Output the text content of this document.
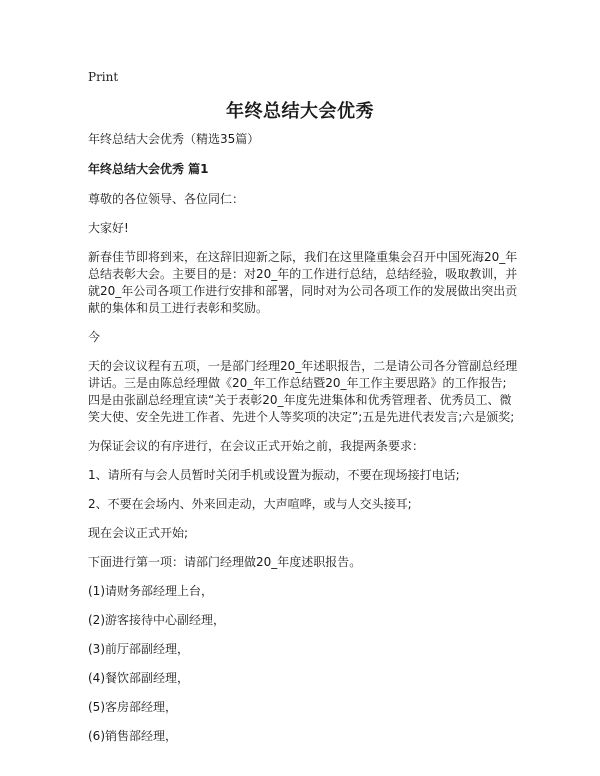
Print
年终总结大会优秀

年终总结大会优秀（精选35篇）

年终总结大会优秀 篇1

尊敬的各位领导、各位同仁：

大家好!

新春佳节即将到来，在这辞旧迎新之际，我们在这里隆重集会召开中国死海20_年总结表彰大会。主要目的是：对20_年的工作进行总结，总结经验，吸取教训，并就20_年公司各项工作进行安排和部署，同时对为公司各项工作的发展做出突出贡献的集体和员工进行表彰和奖励。

今

天的会议议程有五项，一是部门经理20_年述职报告，二是请公司各分管副总经理讲话。三是由陈总经理做《20_年工作总结暨20_年工作主要思路》的工作报告;四是由张副总经理宣读“关于表彰20_年度先进集体和优秀管理者、优秀员工、微笑大使、安全先进工作者、先进个人等奖项的决定”;五是先进代表发言;六是颁奖;

为保证会议的有序进行，在会议正式开始之前，我提两条要求：

1、请所有与会人员暂时关闭手机或设置为振动，不要在现场接打电话;

2、不要在会场内、外来回走动，大声喧哗，或与人交头接耳;

现在会议正式开始;

下面进行第一项：请部门经理做20_年度述职报告。

(1)请财务部经理上台，

(2)游客接待中心副经理，

(3)前厅部副经理，

(4)餐饮部副经理，

(5)客房部经理，

(6)销售部经理，
